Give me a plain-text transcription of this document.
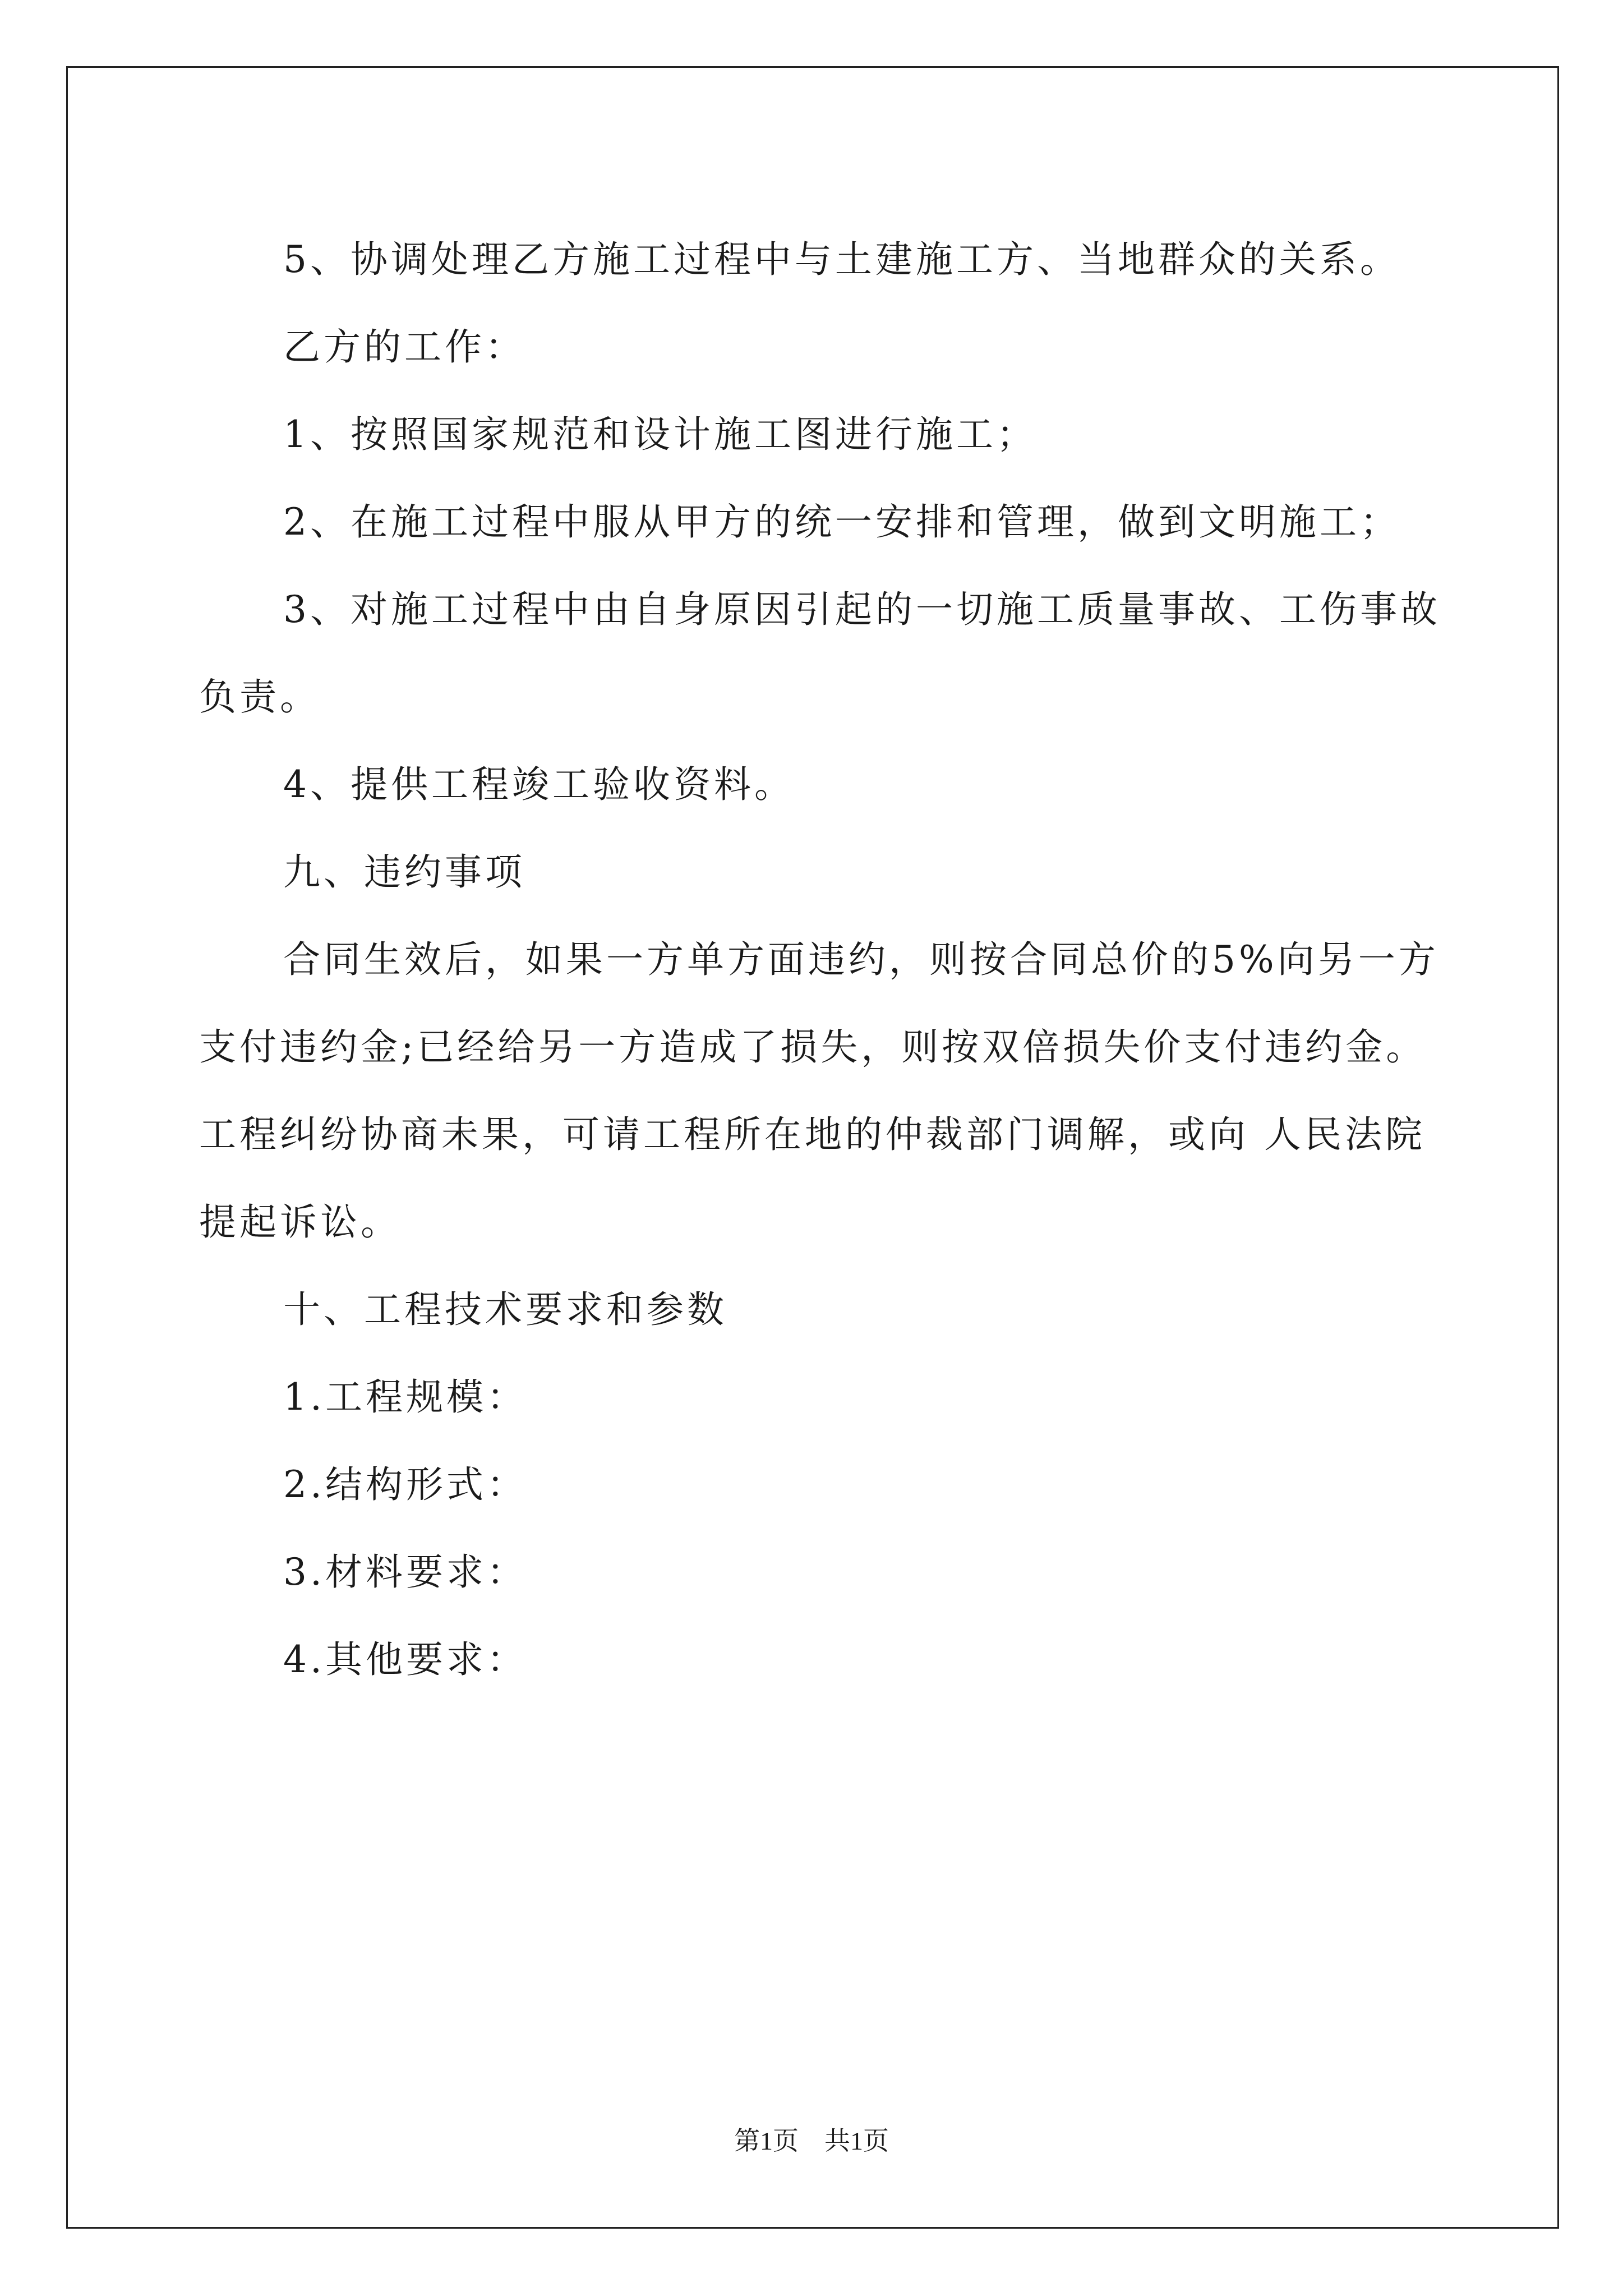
5、协调处理乙方施工过程中与土建施工方、当地群众的关系。

乙方的工作：

1、按照国家规范和设计施工图进行施工；

2、在施工过程中服从甲方的统一安排和管理，做到文明施工；

3、对施工过程中由自身原因引起的一切施工质量事故、工伤事故

负责。

4、提供工程竣工验收资料。

九、违约事项

合同生效后，如果一方单方面违约，则按合同总价的5%向另一方

支付违约金;已经给另一方造成了损失，则按双倍损失价支付违约金。

工程纠纷协商未果，可请工程所在地的仲裁部门调解，或向 人民法院

提起诉讼。

十、工程技术要求和参数

1.工程规模：

2.结构形式：

3.材料要求：

4.其他要求：

第1页　共1页
